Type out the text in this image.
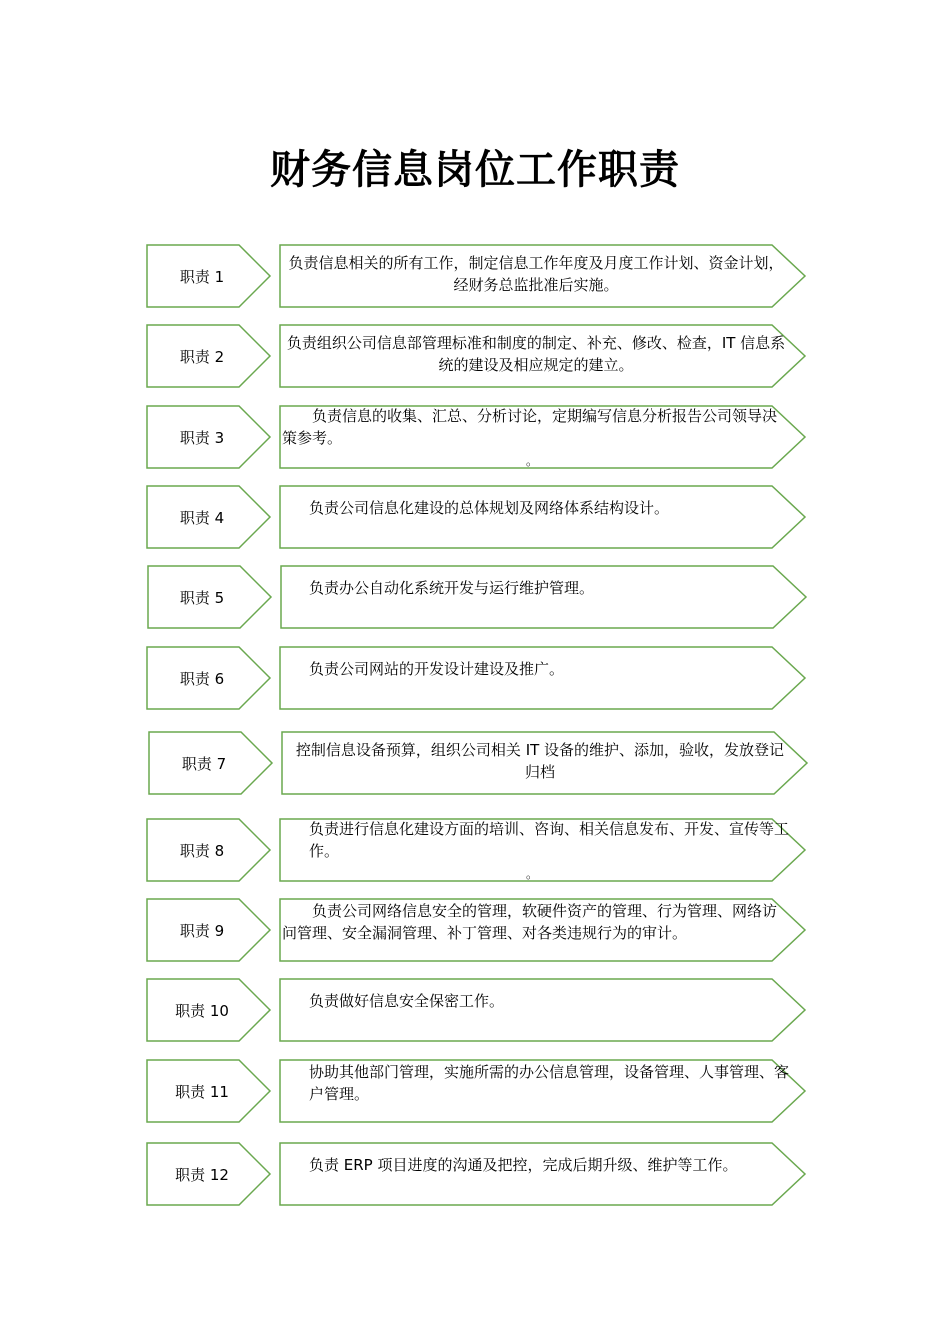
财务信息岗位工作职责
职责 1
负责信息相关的所有工作，制定信息工作年度及月度工作计划、资金计划，经财务总监批准后实施。
职责 2
负责组织公司信息部管理标准和制度的制定、补充、修改、检查，IT 信息系统的建设及相应规定的建立。
职责 3
负责信息的收集、汇总、分析讨论，定期编写信息分析报告公司领导决策参考。
。
职责 4
负责公司信息化建设的总体规划及网络体系结构设计。
职责 5
负责办公自动化系统开发与运行维护管理。
职责 6
负责公司网站的开发设计建设及推广。
职责 7
控制信息设备预算，组织公司相关 IT 设备的维护、添加，验收，发放登记归档
职责 8
负责进行信息化建设方面的培训、咨询、相关信息发布、开发、宣传等工作。
。
职责 9
负责公司网络信息安全的管理，软硬件资产的管理、行为管理、网络访问管理、安全漏洞管理、补丁管理、对各类违规行为的审计。
职责 10
负责做好信息安全保密工作。
职责 11
协助其他部门管理，实施所需的办公信息管理，设备管理、人事管理、客户管理。
职责 12
负责 ERP 项目进度的沟通及把控，完成后期升级、维护等工作。
